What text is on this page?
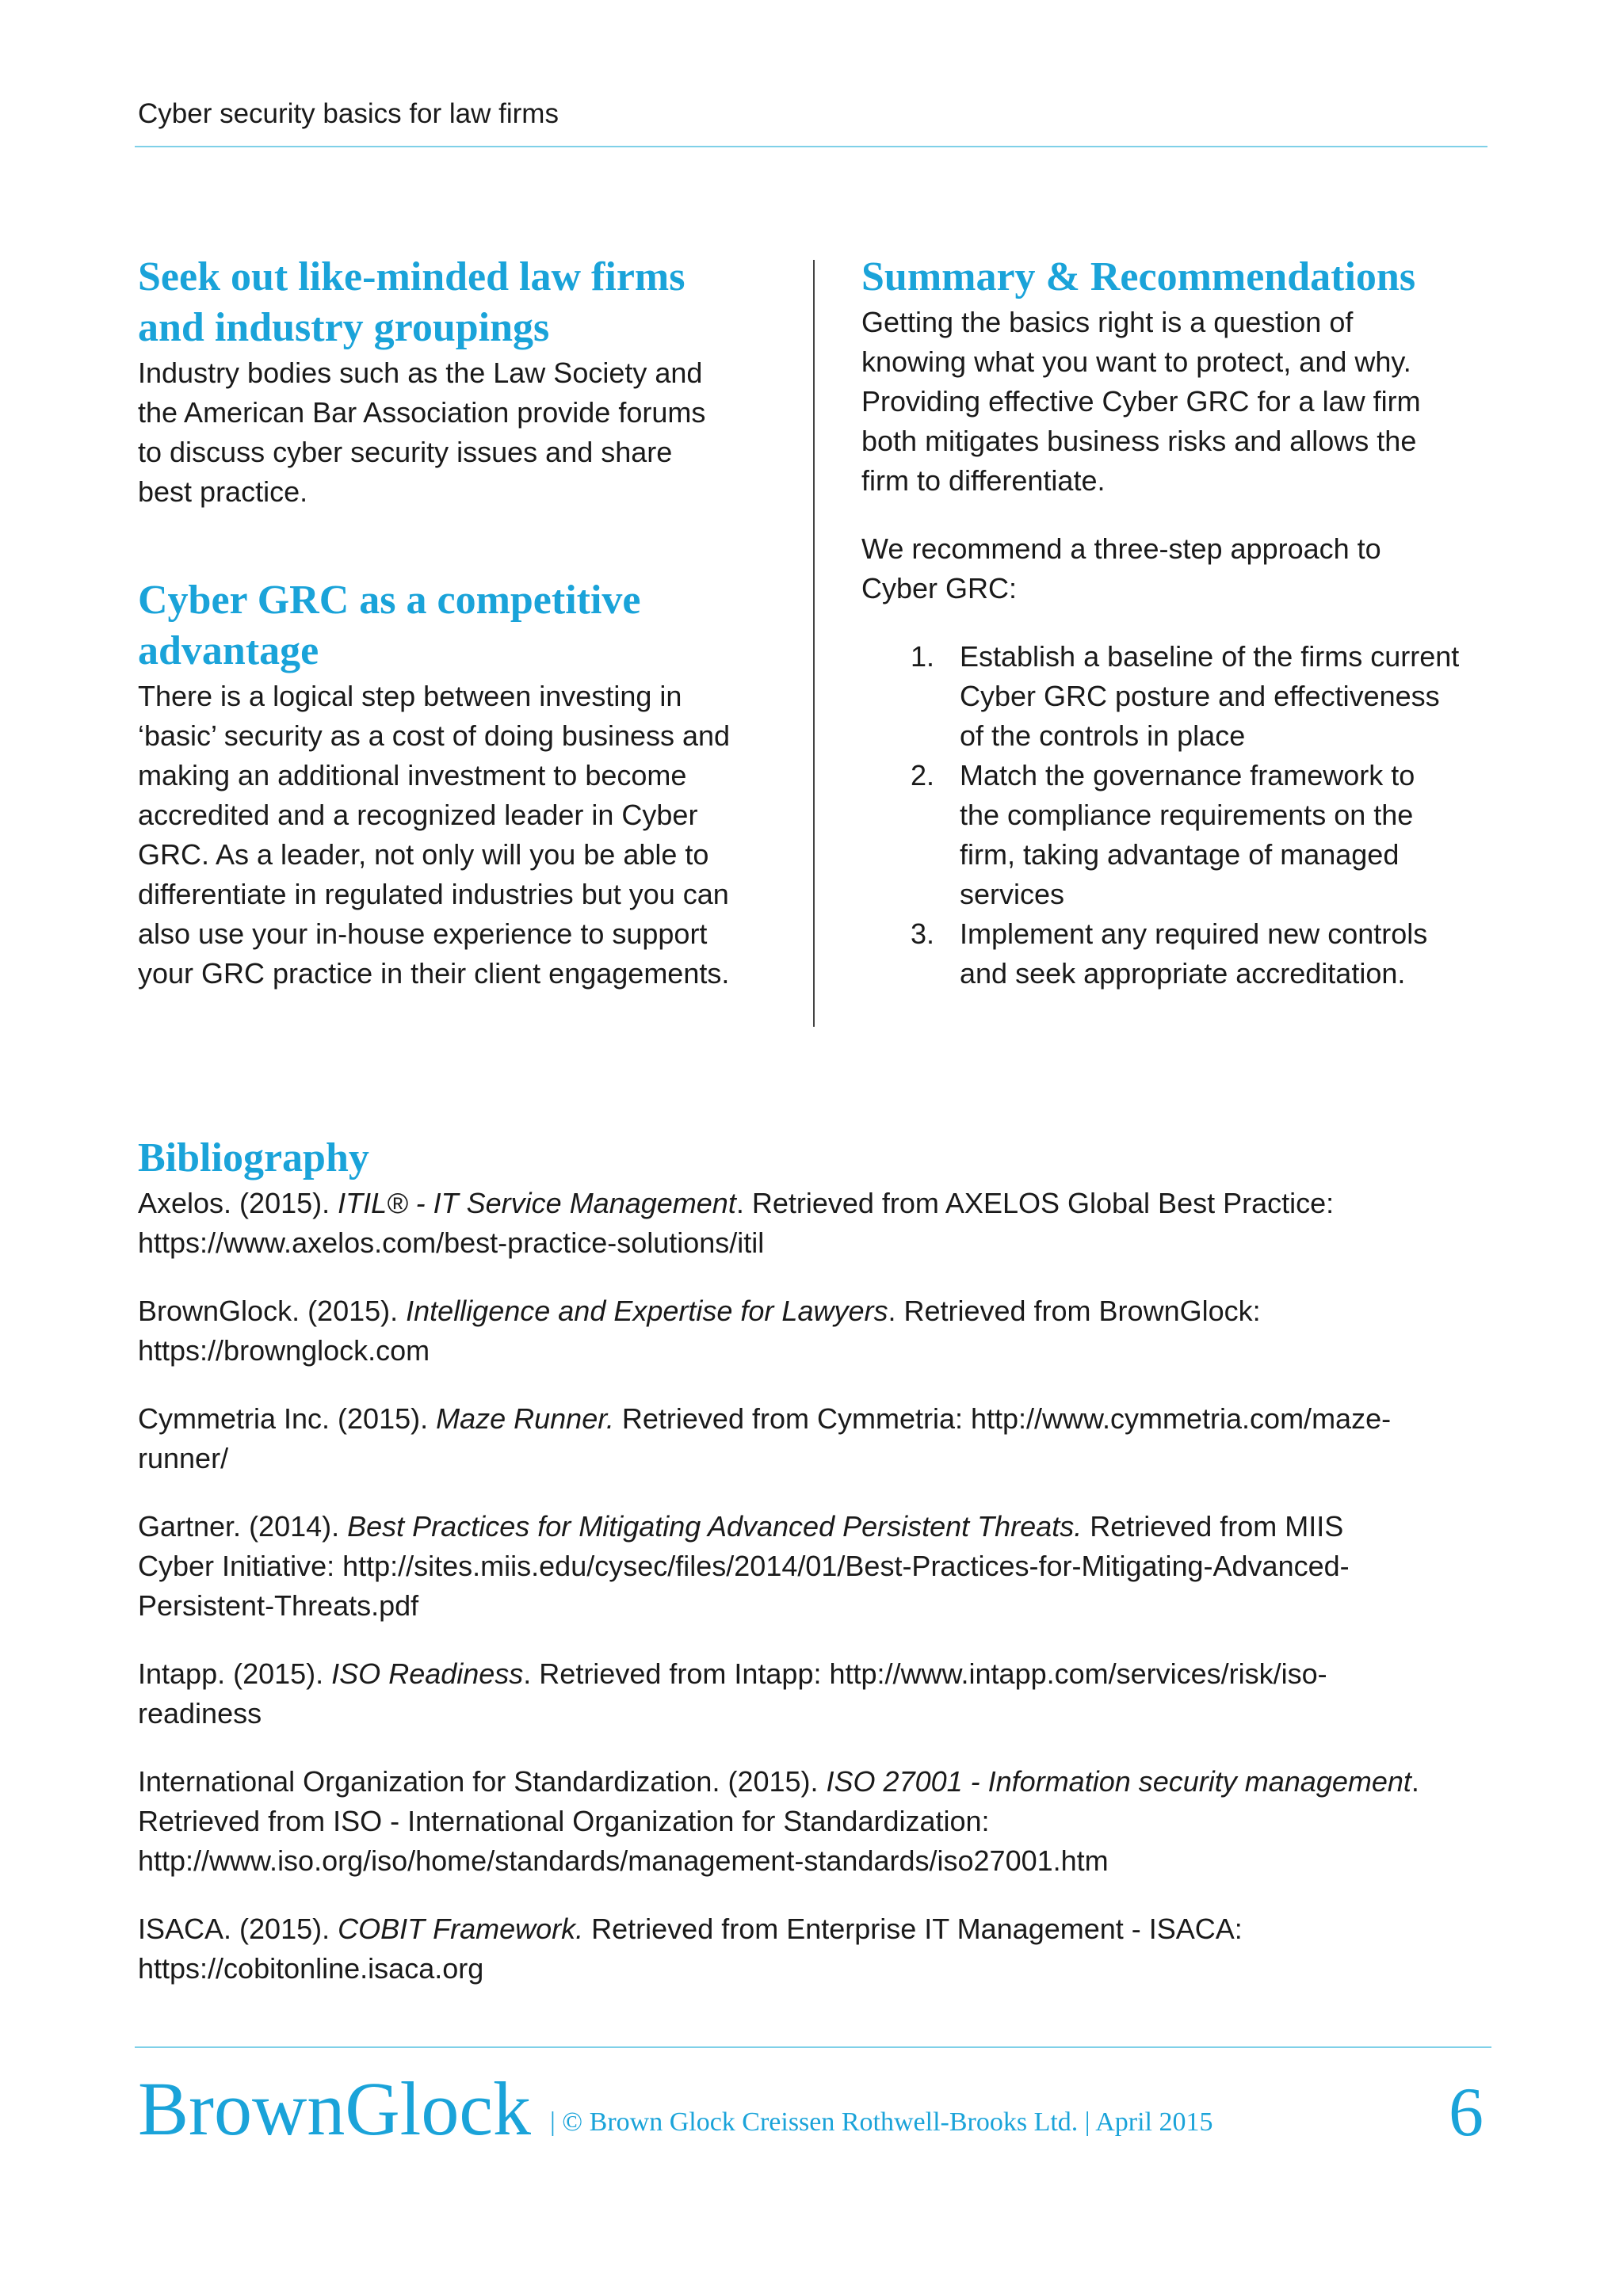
Cyber security basics for law firms
Seek out like-minded law firms
and industry groupings

Industry bodies such as the Law Society and
the American Bar Association provide forums
to discuss cyber security issues and share
best practice.

Cyber GRC as a competitive
advantage

There is a logical step between investing in
‘basic’ security as a cost of doing business and
making an additional investment to become
accredited and a recognized leader in Cyber
GRC. As a leader, not only will you be able to
differentiate in regulated industries but you can
also use your in-house experience to support
your GRC practice in their client engagements.

Summary & Recommendations

Getting the basics right is a question of
knowing what you want to protect, and why.
Providing effective Cyber GRC for a law firm
both mitigates business risks and allows the
firm to differentiate.

We recommend a three-step approach to
Cyber GRC:

1. Establish a baseline of the firms current
Cyber GRC posture and effectiveness
of the controls in place
2. Match the governance framework to
the compliance requirements on the
firm, taking advantage of managed
services
3. Implement any required new controls
and seek appropriate accreditation.
Bibliography
Axelos. (2015). ITIL® - IT Service Management. Retrieved from AXELOS Global Best Practice:
https://www.axelos.com/best-practice-solutions/itil
BrownGlock. (2015). Intelligence and Expertise for Lawyers. Retrieved from BrownGlock:
https://brownglock.com
Cymmetria Inc. (2015). Maze Runner. Retrieved from Cymmetria: http://www.cymmetria.com/maze-
runner/
Gartner. (2014). Best Practices for Mitigating Advanced Persistent Threats. Retrieved from MIIS
Cyber Initiative: http://sites.miis.edu/cysec/files/2014/01/Best-Practices-for-Mitigating-Advanced-
Persistent-Threats.pdf
Intapp. (2015). ISO Readiness. Retrieved from Intapp: http://www.intapp.com/services/risk/iso-
readiness
International Organization for Standardization. (2015). ISO 27001 - Information security management.
Retrieved from ISO - International Organization for Standardization:
http://www.iso.org/iso/home/standards/management-standards/iso27001.htm
ISACA. (2015). COBIT Framework. Retrieved from Enterprise IT Management - ISACA:
https://cobitonline.isaca.org
BrownGlock | © Brown Glock Creissen Rothwell-Brooks Ltd. | April 2015	6
